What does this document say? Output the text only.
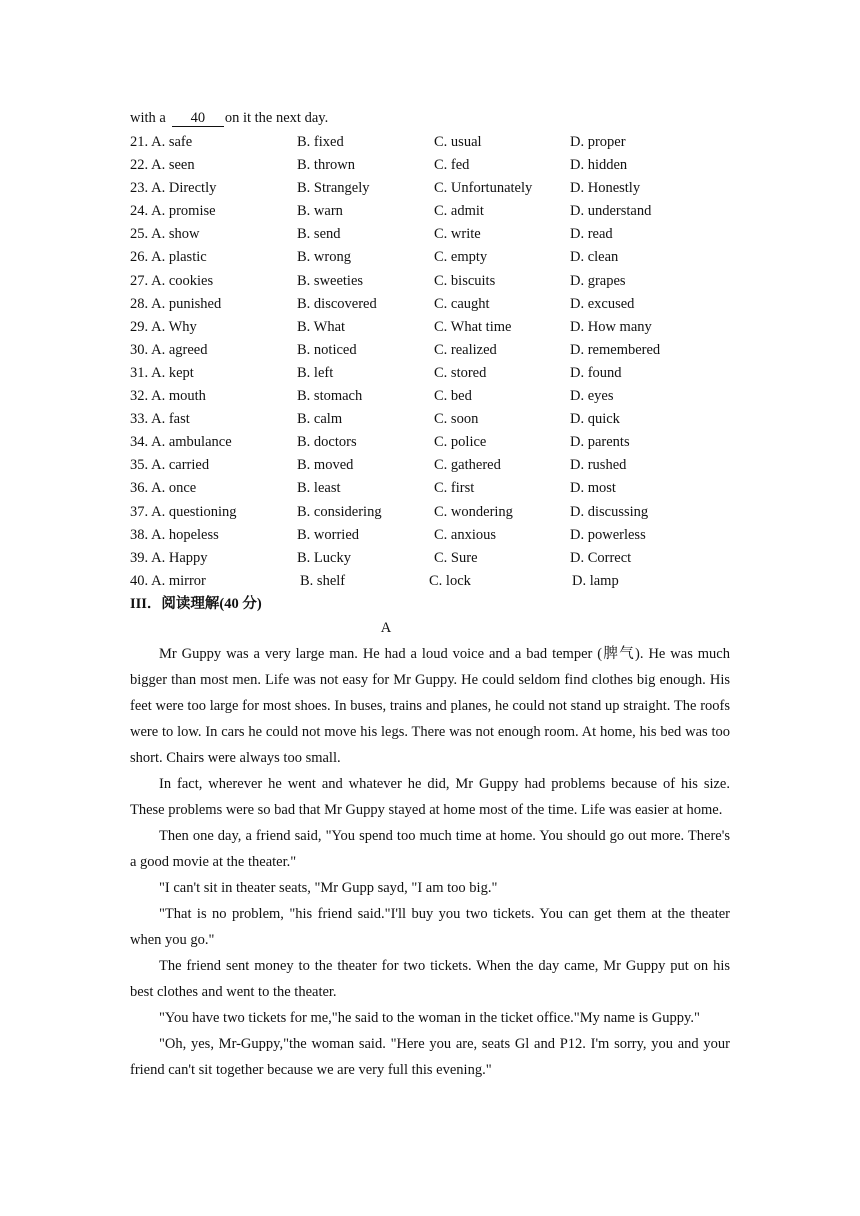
with a 40 on it the next day.
21. A. safe	B. fixed	C. usual	D. proper
22. A. seen	B. thrown	C. fed	D. hidden
23. A. Directly	B. Strangely	C. Unfortunately	D. Honestly
24. A. promise	B. warn	C. admit	D. understand
25. A. show	B. send	C. write	D. read
26. A. plastic	B. wrong	C. empty	D. clean
27. A. cookies	B. sweeties	C. biscuits	D. grapes
28. A. punished	B. discovered	C. caught	D. excused
29. A. Why	B. What	C. What time	D. How many
30. A. agreed	B. noticed	C. realized	D. remembered
31. A. kept	B. left	C. stored	D. found
32. A. mouth	B. stomach	C. bed	D. eyes
33. A. fast	B. calm	C. soon	D. quick
34. A. ambulance	B. doctors	C. police	D. parents
35. A. carried	B. moved	C. gathered	D. rushed
36. A. once	B. least	C. first	D. most
37. A. questioning	B. considering	C. wondering	D. discussing
38. A. hopeless	B. worried	C. anxious	D. powerless
39. A. Happy	B. Lucky	C. Sure	D. Correct
40. A. mirror	B. shelf	C. lock	D. lamp
III．阅读理解(40 分)
A

Mr Guppy was a very large man. He had a loud voice and a bad temper (脾气). He was much bigger than most men. Life was not easy for Mr Guppy. He could seldom find clothes big enough. His feet were too large for most shoes. In buses, trains and planes, he could not stand up straight. The roofs were to low. In cars he could not move his legs. There was not enough room. At home, his bed was too short. Chairs were always too small.

In fact, wherever he went and whatever he did, Mr Guppy had problems because of his size. These problems were so bad that Mr Guppy stayed at home most of the time. Life was easier at home.

Then one day, a friend said, "You spend too much time at home. You should go out more. There's a good movie at the theater."

"I can't sit in theater seats, "Mr Gupp sayd, "I am too big."

"That is no problem, "his friend said."I'll buy you two tickets. You can get them at the theater when you go."

The friend sent money to the theater for two tickets. When the day came, Mr Guppy put on his best clothes and went to the theater.

"You have two tickets for me,"he said to the woman in the ticket office."My name is Guppy."

"Oh, yes, Mr-Guppy,"the woman said. "Here you are, seats Gl and P12. I'm sorry, you and your friend can't sit together because we are very full this evening."
